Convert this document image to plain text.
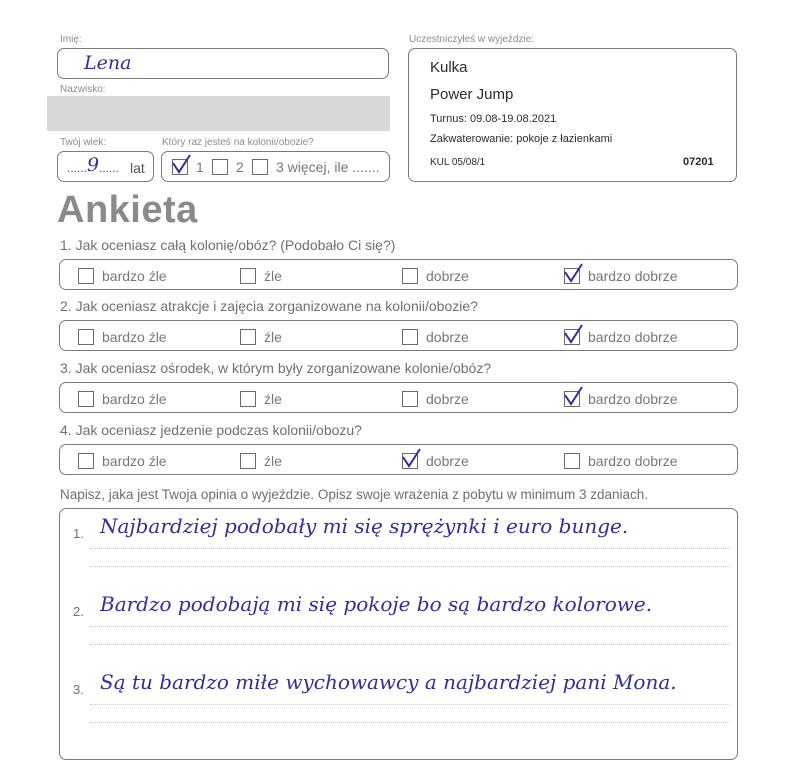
Imię:
Lena
Nazwisko:
Twój wiek:
...... 9 ...... lat
Który raz jesteś na kolonii/obozie?
1 2 3 więcej, ile .......
Uczestniczyłeś w wyjeździe:
Kulka
Power Jump
Turnus: 09.08-19.08.2021
Zakwaterowanie: pokoje z łazienkami
KUL 05/08/1	07201
Ankieta
1. Jak oceniasz całą kolonię/obóz? (Podobało Ci się?)
bardzo źle	źle	dobrze	bardzo dobrze
2. Jak oceniasz atrakcje i zajęcia zorganizowane na kolonii/obozie?
bardzo źle	źle	dobrze	bardzo dobrze
3. Jak oceniasz ośrodek, w którym były zorganizowane kolonie/obóz?
bardzo źle	źle	dobrze	bardzo dobrze
4. Jak oceniasz jedzenie podczas kolonii/obozu?
bardzo źle	źle	dobrze	bardzo dobrze
Napisz, jaka jest Twoja opinia o wyjeździe. Opisz swoje wrażenia z pobytu w minimum 3 zdaniach.
1. Najbardziej podobały mi się sprężynki i euro bunge.
2. Bardzo podobają mi się pokoje bo są bardzo kolorowe.
3. Są tu bardzo miłe wychowawcy a najbardziej pani Mona.
